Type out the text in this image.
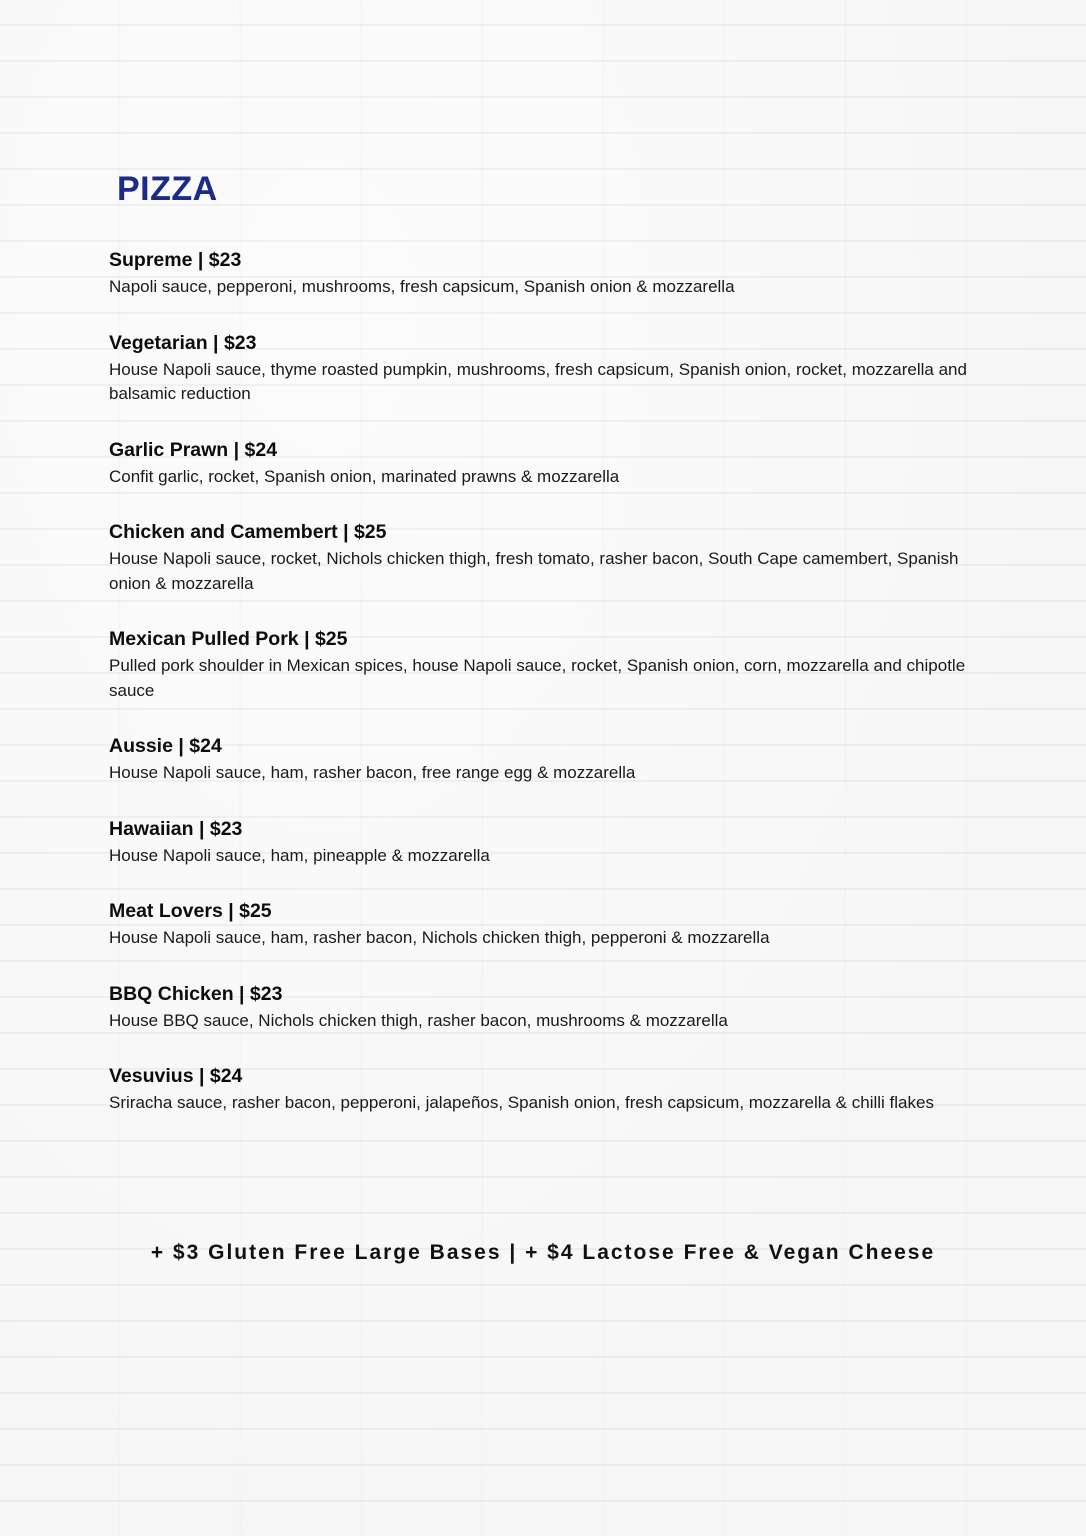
PIZZA
Supreme | $23
Napoli sauce, pepperoni, mushrooms, fresh capsicum, Spanish onion & mozzarella
Vegetarian | $23
House Napoli sauce, thyme roasted pumpkin, mushrooms, fresh capsicum, Spanish onion, rocket, mozzarella and balsamic reduction
Garlic Prawn | $24
Confit garlic, rocket, Spanish onion, marinated prawns & mozzarella
Chicken and Camembert | $25
House Napoli sauce, rocket, Nichols chicken thigh, fresh tomato, rasher bacon, South Cape camembert, Spanish onion & mozzarella
Mexican Pulled Pork | $25
Pulled pork shoulder in Mexican spices, house Napoli sauce, rocket, Spanish onion, corn, mozzarella and chipotle sauce
Aussie | $24
House Napoli sauce, ham, rasher bacon, free range egg & mozzarella
Hawaiian | $23
House Napoli sauce, ham, pineapple & mozzarella
Meat Lovers | $25
House Napoli sauce, ham, rasher bacon, Nichols chicken thigh, pepperoni & mozzarella
BBQ Chicken | $23
House BBQ sauce, Nichols chicken thigh, rasher bacon, mushrooms & mozzarella
Vesuvius | $24
Sriracha sauce, rasher bacon, pepperoni, jalapeños, Spanish onion, fresh capsicum, mozzarella & chilli flakes
+ $3 Gluten Free Large Bases | + $4 Lactose Free & Vegan Cheese
